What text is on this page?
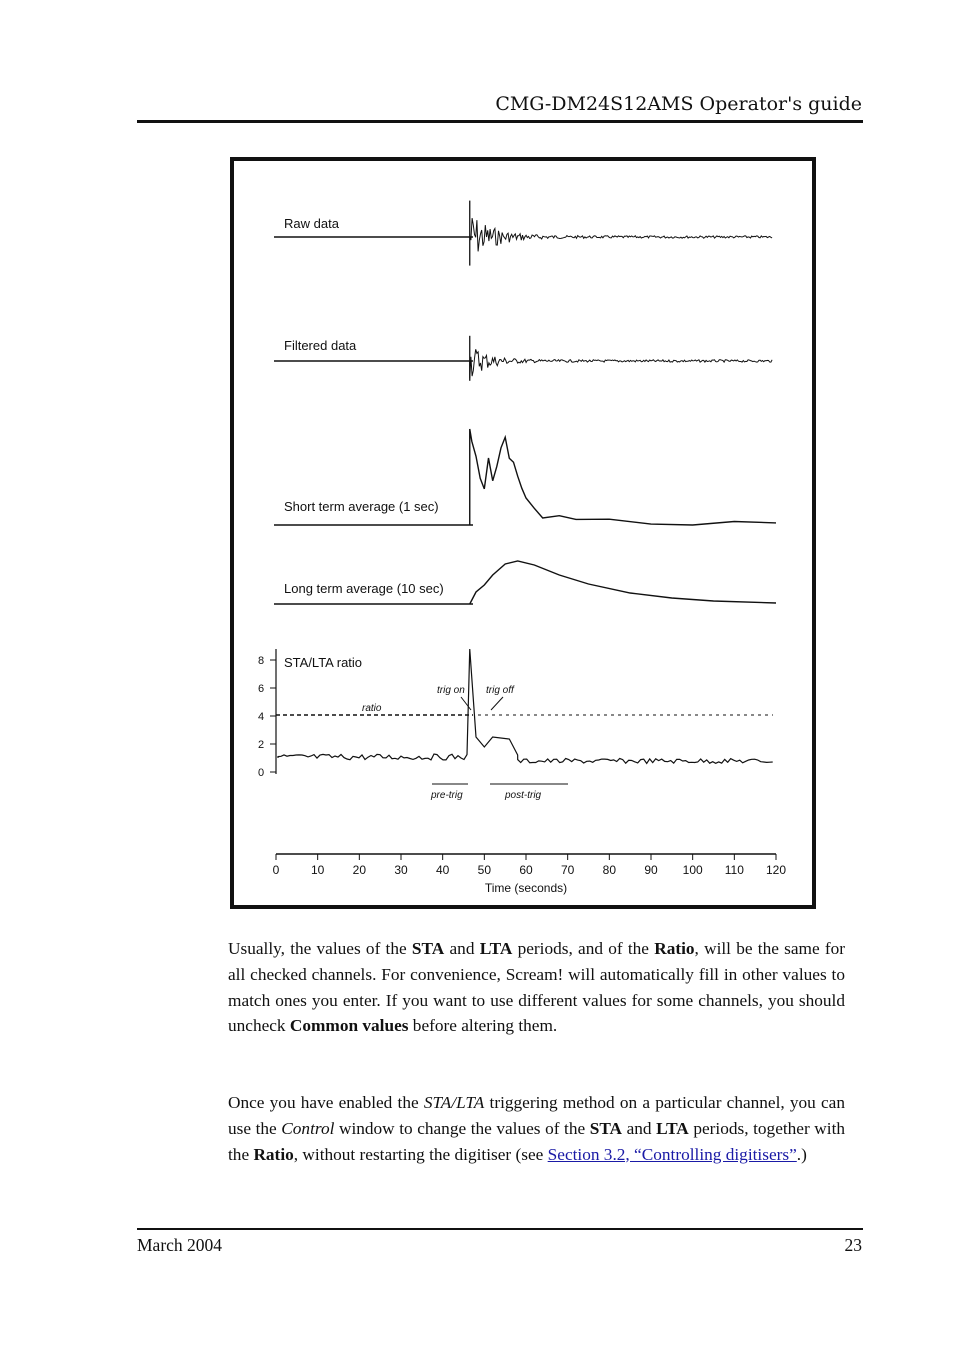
CMG-DM24S12AMS Operator's guide
Raw data
Filtered data
Short term average (1 sec)
Long term average (10 sec)
STA/LTA ratio
8
6
4
2
0
ratio
trig on trig off
pre-trig	post-trig
0	10 20 30 40 50 60 70 80 90 100 110 120
Time (seconds)
Usually, the values of the STA and LTA periods, and of the Ratio, will be the same for all checked channels. For convenience, Scream! will automatically fill in other values to match ones you enter. If you want to use different values for some channels, you should uncheck Common values before altering them.
Once you have enabled the STA/LTA triggering method on a particular channel, you can use the Control window to change the values of the STA and LTA periods, together with the Ratio, without restarting the digitiser (see Section 3.2, “Controlling digitisers”.)
March 2004	23
